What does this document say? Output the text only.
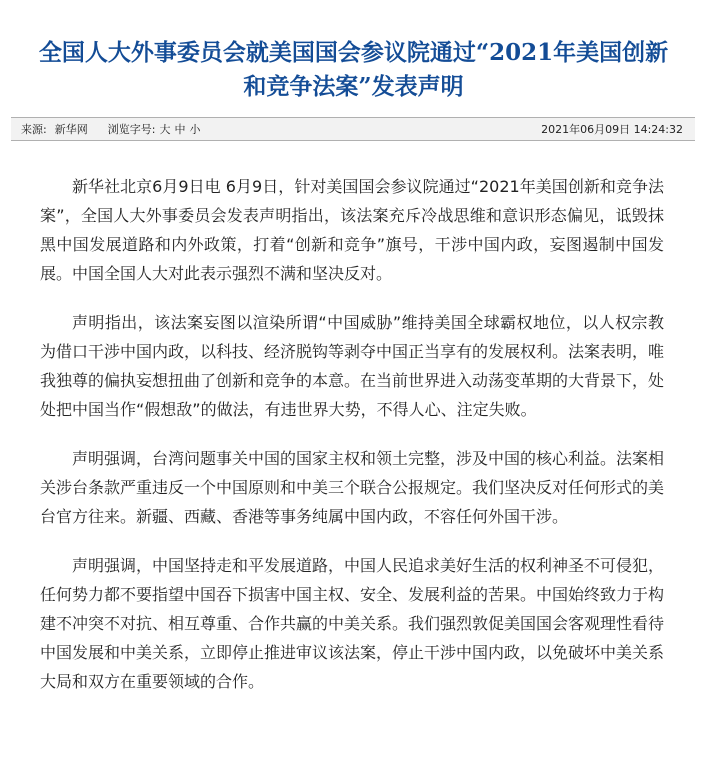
全国人大外事委员会就美国国会参议院通过“2021年美国创新
和竞争法案”发表声明
来源: 新华网 浏览字号: 大 中 小	2021年06月09日 14:24:32

新华社北京6月9日电 6月9日，针对美国国会参议院通过“2021年美国创新和竞争法案”，全国人大外事委员会发表声明指出，该法案充斥冷战思维和意识形态偏见，诋毁抹黑中国发展道路和内外政策，打着“创新和竞争”旗号，干涉中国内政，妄图遏制中国发展。中国全国人大对此表示强烈不满和坚决反对。

声明指出，该法案妄图以渲染所谓“中国威胁”维持美国全球霸权地位，以人权宗教为借口干涉中国内政，以科技、经济脱钩等剥夺中国正当享有的发展权利。法案表明，唯我独尊的偏执妄想扭曲了创新和竞争的本意。在当前世界进入动荡变革期的大背景下，处处把中国当作“假想敌”的做法，有违世界大势，不得人心、注定失败。

声明强调，台湾问题事关中国的国家主权和领土完整，涉及中国的核心利益。法案相关涉台条款严重违反一个中国原则和中美三个联合公报规定。我们坚决反对任何形式的美台官方往来。新疆、西藏、香港等事务纯属中国内政，不容任何外国干涉。

声明强调，中国坚持走和平发展道路，中国人民追求美好生活的权利神圣不可侵犯，任何势力都不要指望中国吞下损害中国主权、安全、发展利益的苦果。中国始终致力于构建不冲突不对抗、相互尊重、合作共赢的中美关系。我们强烈敦促美国国会客观理性看待中国发展和中美关系，立即停止推进审议该法案，停止干涉中国内政，以免破坏中美关系大局和双方在重要领域的合作。
